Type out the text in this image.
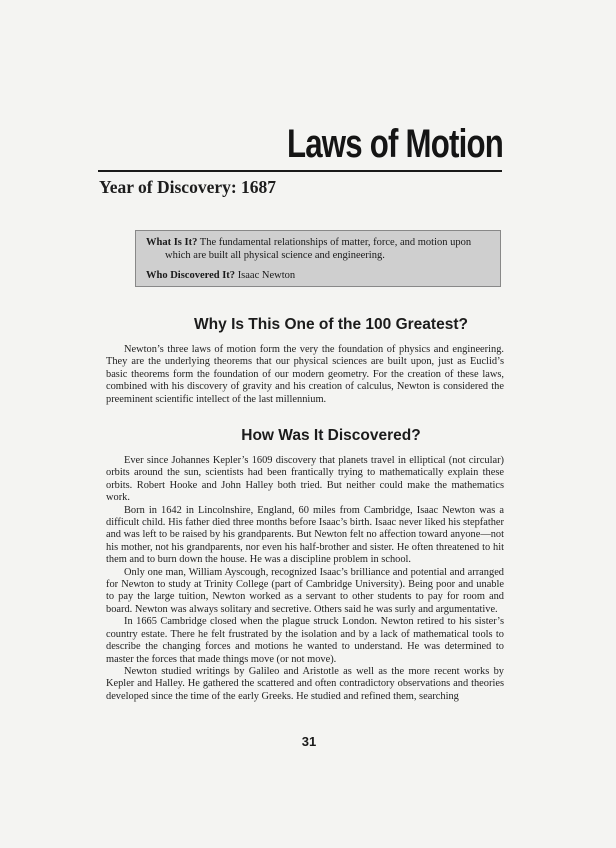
Laws of Motion
Year of Discovery: 1687
What Is It? The fundamental relationships of matter, force, and motion upon
which are built all physical science and engineering.
Who Discovered It? Isaac Newton
Why Is This One of the 100 Greatest?

Newton’s three laws of motion form the very the foundation of physics and engineering. They are the underlying theorems that our physical sciences are built upon, just as Euclid’s basic theorems form the foundation of our modern geometry. For the creation of these laws, combined with his discovery of gravity and his creation of calculus, Newton is considered the preeminent scientific intellect of the last millennium.

How Was It Discovered?

Ever since Johannes Kepler’s 1609 discovery that planets travel in elliptical (not circular) orbits around the sun, scientists had been frantically trying to mathematically explain these orbits. Robert Hooke and John Halley both tried. But neither could make the mathematics work.

Born in 1642 in Lincolnshire, England, 60 miles from Cambridge, Isaac Newton was a difficult child. His father died three months before Isaac’s birth. Isaac never liked his stepfather and was left to be raised by his grandparents. But Newton felt no affection toward anyone—not his mother, not his grandparents, nor even his half-brother and sister. He often threatened to hit them and to burn down the house. He was a discipline problem in school.

Only one man, William Ayscough, recognized Isaac’s brilliance and potential and arranged for Newton to study at Trinity College (part of Cambridge University). Being poor and unable to pay the large tuition, Newton worked as a servant to other students to pay for room and board. Newton was always solitary and secretive. Others said he was surly and argumentative.

In 1665 Cambridge closed when the plague struck London. Newton retired to his sister’s country estate. There he felt frustrated by the isolation and by a lack of mathematical tools to describe the changing forces and motions he wanted to understand. He was determined to master the forces that made things move (or not move).

Newton studied writings by Galileo and Aristotle as well as the more recent works by Kepler and Halley. He gathered the scattered and often contradictory observations and theories developed since the time of the early Greeks. He studied and refined them, searching

31
